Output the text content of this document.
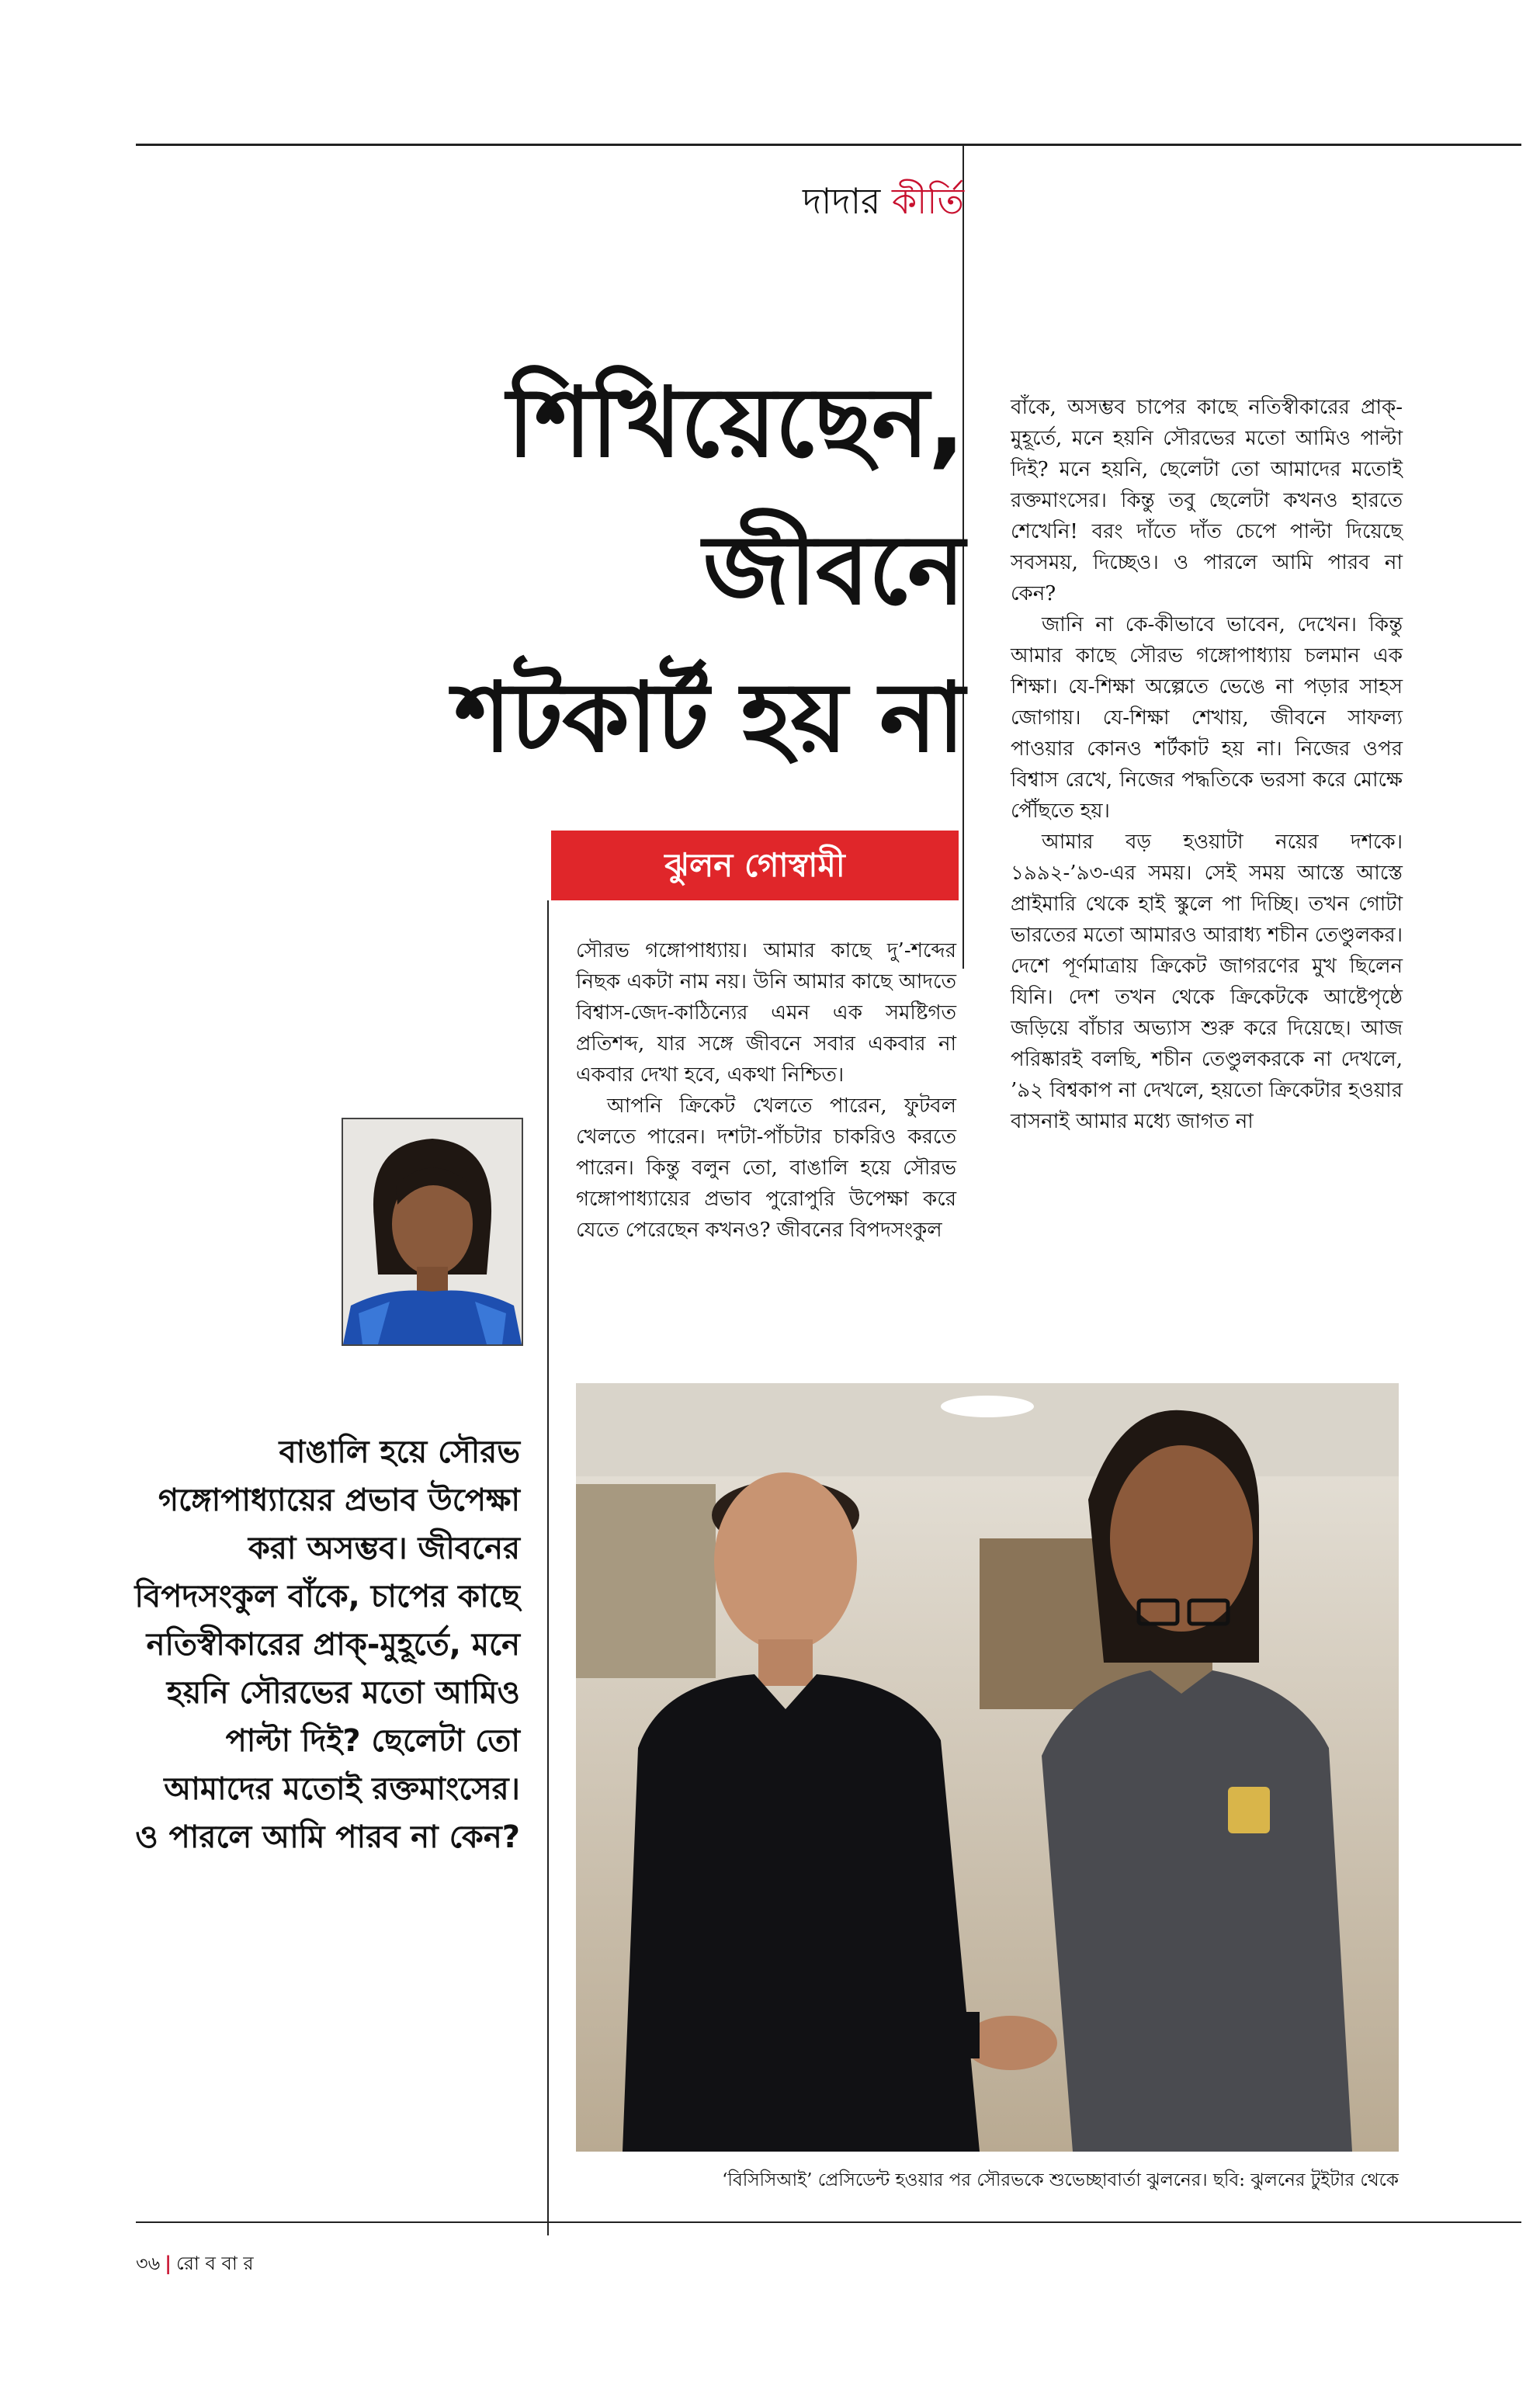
দাদার কীর্তি
শিখিয়েছেন,
জীবনে
শটকার্ট হয় না
ঝুলন গোস্বামী

সৌরভ গঙ্গোপাধ্যায়। আমার কাছে দু’-শব্দের নিছক একটা নাম নয়। উনি আমার কাছে আদতে বিশ্বাস-জেদ-কাঠিন্যের এমন এক সমষ্টিগত প্রতিশব্দ, যার সঙ্গে জীবনে সবার একবার না একবার দেখা হবে, একথা নিশ্চিত।

আপনি ক্রিকেট খেলতে পারেন, ফুটবল খেলতে পারেন। দশটা-পাঁচটার চাকরিও করতে পারেন। কিন্তু বলুন তো, বাঙালি হয়ে সৌরভ গঙ্গোপাধ্যায়ের প্রভাব পুরোপুরি উপেক্ষা করে যেতে পেরেছেন কখনও? জীবনের বিপদসংকুল

বাঁকে, অসম্ভব চাপের কাছে নতিস্বীকারের প্রাক্-মুহূর্তে, মনে হয়নি সৌরভের মতো আমিও পাল্টা দিই? মনে হয়নি, ছেলেটা তো আমাদের মতোই রক্তমাংসের। কিন্তু তবু ছেলেটা কখনও হারতে শেখেনি! বরং দাঁতে দাঁত চেপে পাল্টা দিয়েছে সবসময়, দিচ্ছেও। ও পারলে আমি পারব না কেন?

জানি না কে-কীভাবে ভাবেন, দেখেন। কিন্তু আমার কাছে সৌরভ গঙ্গোপাধ্যায় চলমান এক শিক্ষা। যে-শিক্ষা অল্পেতে ভেঙে না পড়ার সাহস জোগায়। যে-শিক্ষা শেখায়, জীবনে সাফল্য পাওয়ার কোনও শর্টকাট হয় না। নিজের ওপর বিশ্বাস রেখে, নিজের পদ্ধতিকে ভরসা করে মোক্ষে পৌঁছতে হয়।

আমার বড় হওয়াটা নয়ের দশকে। ১৯৯২-’৯৩-এর সময়। সেই সময় আস্তে আস্তে প্রাইমারি থেকে হাই স্কুলে পা দিচ্ছি। তখন গোটা ভারতের মতো আমারও আরাধ্য শচীন তেণ্ডুলকর। দেশে পূর্ণমাত্রায় ক্রিকেট জাগরণের মুখ ছিলেন যিনি। দেশ তখন থেকে ক্রিকেটকে আষ্টেপৃষ্ঠে জড়িয়ে বাঁচার অভ্যাস শুরু করে দিয়েছে। আজ পরিষ্কারই বলছি, শচীন তেণ্ডুলকরকে না দেখলে, ’৯২ বিশ্বকাপ না দেখলে, হয়তো ক্রিকেটার হওয়ার বাসনাই আমার মধ্যে জাগত না

বাঙালি হয়ে সৌরভ গঙ্গোপাধ্যায়ের প্রভাব উপেক্ষা করা অসম্ভব। জীবনের বিপদসংকুল বাঁকে, চাপের কাছে নতিস্বীকারের প্রাক্-মুহূর্তে, মনে হয়নি সৌরভের মতো আমিও পাল্টা দিই? ছেলেটা তো আমাদের মতোই রক্তমাংসের।

ও পারলে আমি পারব না কেন?

‘বিসিসিআই’ প্রেসিডেন্ট হওয়ার পর সৌরভকে শুভেচ্ছাবার্তা ঝুলনের। ছবি: ঝুলনের টুইটার থেকে
৩৬ | রো ব বা র
